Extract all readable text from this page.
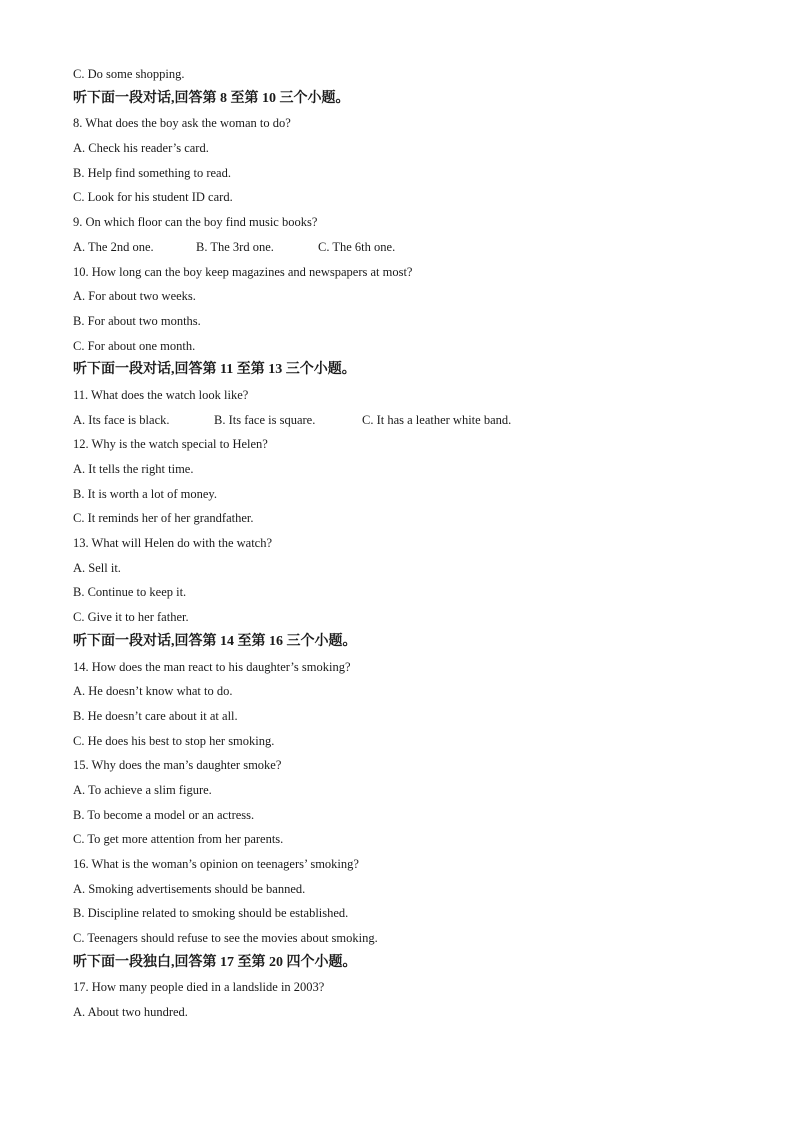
C. Do some shopping.
听下面一段对话,回答第 8 至第 10 三个小题。
8. What does the boy ask the woman to do?
A. Check his reader’s card.
B. Help find something to read.
C. Look for his student ID card.
9. On which floor can the boy find music books?
A. The 2nd one.	B. The 3rd one.	C. The 6th one.
10. How long can the boy keep magazines and newspapers at most?
A. For about two weeks.
B. For about two months.
C. For about one month.
听下面一段对话,回答第 11 至第 13 三个小题。
11. What does the watch look like?
A. Its face is black.	B. Its face is square.	C. It has a leather white band.
12. Why is the watch special to Helen?
A. It tells the right time.
B. It is worth a lot of money.
C. It reminds her of her grandfather.
13. What will Helen do with the watch?
A. Sell it.
B. Continue to keep it.
C. Give it to her father.
听下面一段对话,回答第 14 至第 16 三个小题。
14. How does the man react to his daughter’s smoking?
A. He doesn’t know what to do.
B. He doesn’t care about it at all.
C. He does his best to stop her smoking.
15. Why does the man’s daughter smoke?
A. To achieve a slim figure.
B. To become a model or an actress.
C. To get more attention from her parents.
16. What is the woman’s opinion on teenagers’ smoking?
A. Smoking advertisements should be banned.
B. Discipline related to smoking should be established.
C. Teenagers should refuse to see the movies about smoking.
听下面一段独白,回答第 17 至第 20 四个小题。
17. How many people died in a landslide in 2003?
A. About two hundred.
